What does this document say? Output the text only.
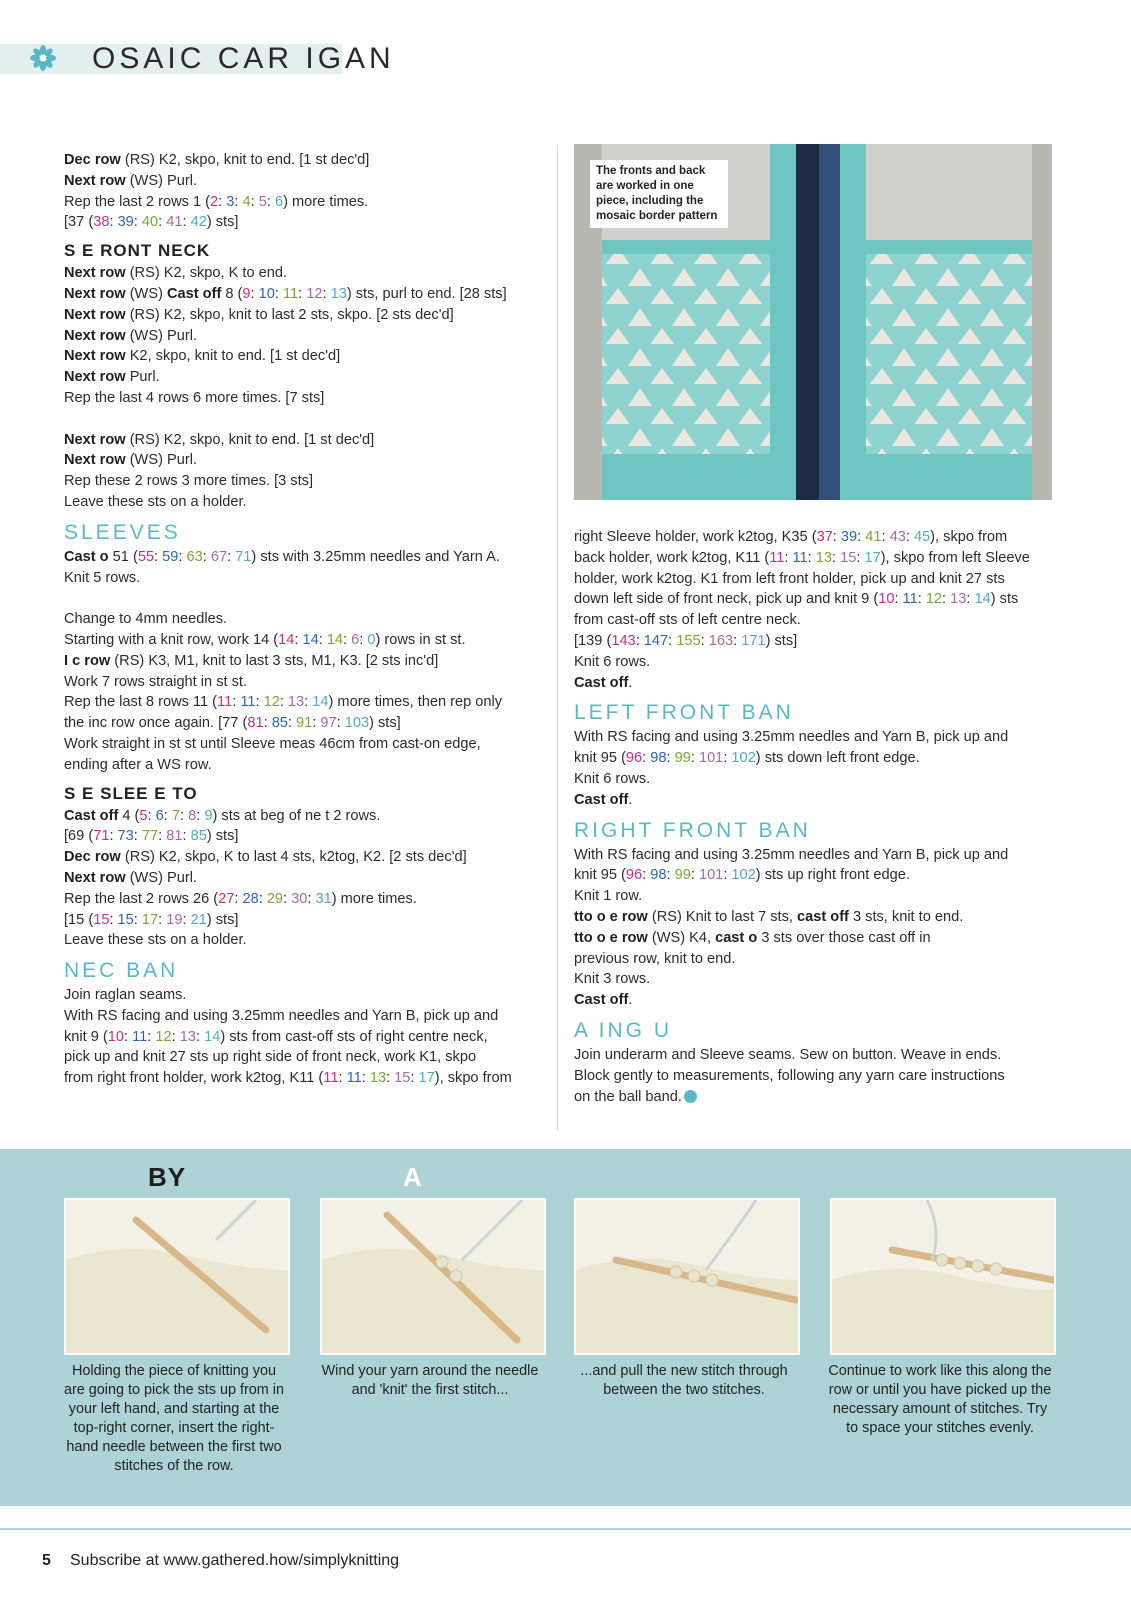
OSAIC CAR IGAN

Dec row (RS) K2, skpo, knit to end. [1 st dec'd]

Next row (WS) Purl.

Rep the last 2 rows 1 (2: 3: 4: 5: 6) more times.

[37 (38: 39: 40: 41: 42) sts]

S E RONT NECK

Next row (RS) K2, skpo, K to end.

Next row (WS) Cast off 8 (9: 10: 11: 12: 13) sts, purl to end. [28 sts]

Next row (RS) K2, skpo, knit to last 2 sts, skpo. [2 sts dec'd]

Next row (WS) Purl.

Next row K2, skpo, knit to end. [1 st dec'd]

Next row Purl.

Rep the last 4 rows 6 more times. [7 sts]

Next row (RS) K2, skpo, knit to end. [1 st dec'd]

Next row (WS) Purl.

Rep these 2 rows 3 more times. [3 sts]

Leave these sts on a holder.

SLEEVES

Cast o 51 (55: 59: 63: 67: 71) sts with 3.25mm needles and Yarn A.

Knit 5 rows.

Change to 4mm needles.

Starting with a knit row, work 14 (14: 14: 14: 6: 0) rows in st st.

I c row (RS) K3, M1, knit to last 3 sts, M1, K3. [2 sts inc'd]

Work 7 rows straight in st st.

Rep the last 8 rows 11 (11: 11: 12: 13: 14) more times, then rep only

the inc row once again. [77 (81: 85: 91: 97: 103) sts]

Work straight in st st until Sleeve meas 46cm from cast-on edge,

ending after a WS row.

S E SLEE E TO

Cast off 4 (5: 6: 7: 8: 9) sts at beg of ne t 2 rows.

[69 (71: 73: 77: 81: 85) sts]

Dec row (RS) K2, skpo, K to last 4 sts, k2tog, K2. [2 sts dec'd]

Next row (WS) Purl.

Rep the last 2 rows 26 (27: 28: 29: 30: 31) more times.

[15 (15: 15: 17: 19: 21) sts]

Leave these sts on a holder.

NEC BAN

Join raglan seams.

With RS facing and using 3.25mm needles and Yarn B, pick up and

knit 9 (10: 11: 12: 13: 14) sts from cast-off sts of right centre neck,

pick up and knit 27 sts up right side of front neck, work K1, skpo

from right front holder, work k2tog, K11 (11: 11: 13: 15: 17), skpo from

The fronts and back are worked in one piece, including the mosaic border pattern

right Sleeve holder, work k2tog, K35 (37: 39: 41: 43: 45), skpo from

back holder, work k2tog, K11 (11: 11: 13: 15: 17), skpo from left Sleeve

holder, work k2tog. K1 from left front holder, pick up and knit 27 sts

down left side of front neck, pick up and knit 9 (10: 11: 12: 13: 14) sts

from cast-off sts of left centre neck.

[139 (143: 147: 155: 163: 171) sts]

Knit 6 rows.

Cast off.

LEFT FRONT BAN

With RS facing and using 3.25mm needles and Yarn B, pick up and

knit 95 (96: 98: 99: 101: 102) sts down left front edge.

Knit 6 rows.

Cast off.

RIGHT FRONT BAN

With RS facing and using 3.25mm needles and Yarn B, pick up and

knit 95 (96: 98: 99: 101: 102) sts up right front edge.

Knit 1 row.

tto o e row (RS) Knit to last 7 sts, cast off 3 sts, knit to end.

tto o e row (WS) K4, cast o 3 sts over those cast off in

previous row, knit to end.

Knit 3 rows.

Cast off.

A ING U

Join underarm and Sleeve seams. Sew on button. Weave in ends.

Block gently to measurements, following any yarn care instructions

on the ball band.

BY	A
Holding the piece of knitting you are going to pick the sts up from in your left hand, and starting at the top-right corner, insert the right-hand needle between the first two stitches of the row.
Wind your yarn around the needle and 'knit' the first stitch...
...and pull the new stitch through between the two stitches.
Continue to work like this along the row or until you have picked up the necessary amount of stitches. Try to space your stitches evenly.
5 Subscribe at www.gathered.how/simplyknitting
